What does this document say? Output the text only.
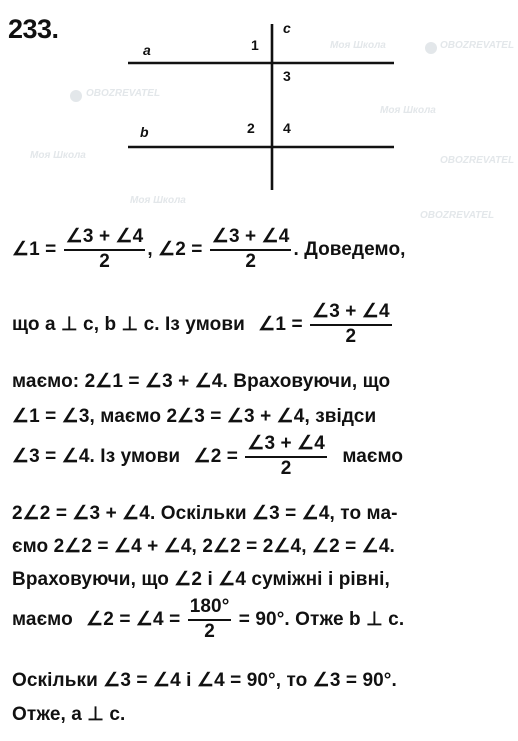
Моя Школа	OBOZREVATEL
Моя Школа
OBOZREVATEL
Моя Школа	OBOZREVATEL
Моя Школа
OBOZREVATEL
233.
a
b
c
1
3
2 4
∠1 = $\frac{\angle 3 + \angle 4}{2}$ , ∠2 = $\frac{\angle 3 + \angle 4}{2}$ . Доведемо,
що a ⊥ c, b ⊥ c. Із умови ∠1 = $\frac{\angle 3 + \angle 4}{2}$
маємо: 2∠1 = ∠3 + ∠4. Враховуючи, що
∠1 = ∠3, маємо 2∠3 = ∠3 + ∠4, звідси
∠3 = ∠4. Із умови ∠2 = $\frac{\angle 3 + \angle 4}{2}$ маємо
2∠2 = ∠3 + ∠4. Оскільки ∠3 = ∠4, то ма-
ємо 2∠2 = ∠4 + ∠4, 2∠2 = 2∠4, ∠2 = ∠4.
Враховуючи, що ∠2 і ∠4 суміжні і рівні,
маємо ∠2 = ∠4 = $\frac{180^\circ}{2} = 90^\circ$. Отже b ⊥ c.
Оскільки ∠3 = ∠4 і ∠4 = 90°, то ∠3 = 90°.
Отже, a ⊥ c.
